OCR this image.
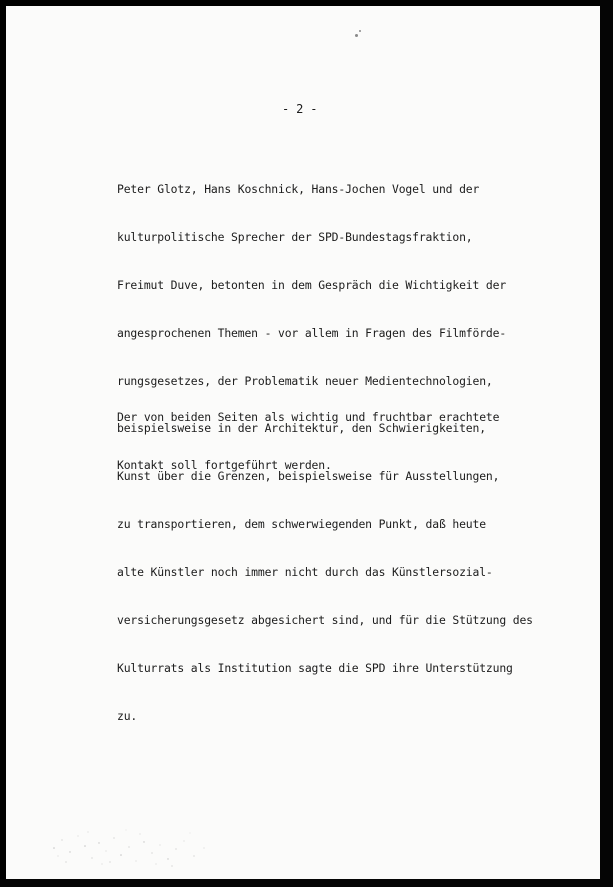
- 2 -

Peter Glotz, Hans Koschnick, Hans-Jochen Vogel und der

kulturpolitische Sprecher der SPD-Bundestagsfraktion,

Freimut Duve, betonten in dem Gespräch die Wichtigkeit der

angesprochenen Themen - vor allem in Fragen des Filmförde-

rungsgesetzes, der Problematik neuer Medientechnologien,

beispielsweise in der Architektur, den Schwierigkeiten,

Kunst über die Grenzen, beispielsweise für Ausstellungen,

zu transportieren, dem schwerwiegenden Punkt, daß heute

alte Künstler noch immer nicht durch das Künstlersozial-

versicherungsgesetz abgesichert sind, und für die Stützung des

Kulturrats als Institution sagte die SPD ihre Unterstützung

zu.

Der von beiden Seiten als wichtig und fruchtbar erachtete

Kontakt soll fortgeführt werden.
